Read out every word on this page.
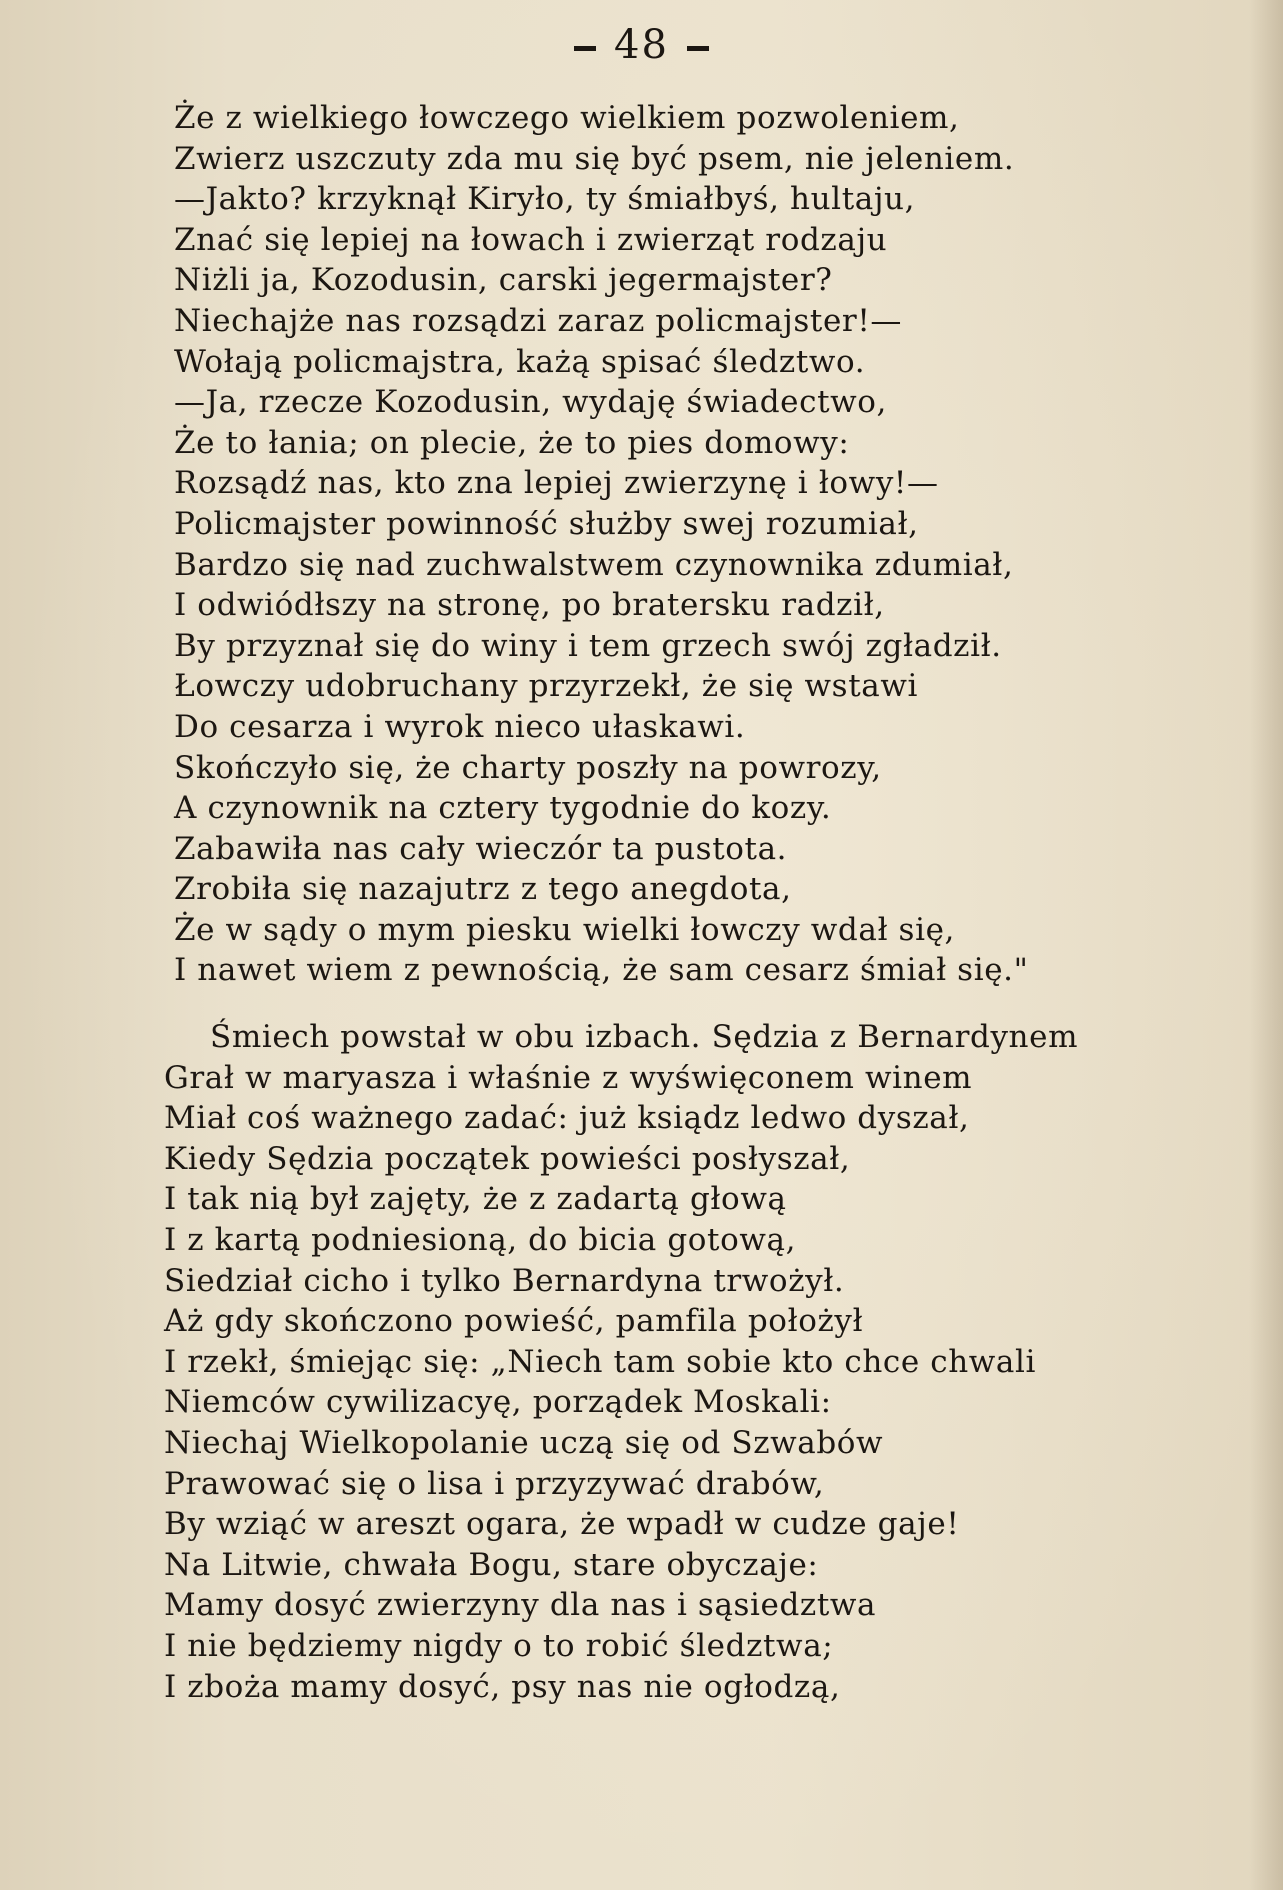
48
Że z wielkiego łowczego wielkiem pozwoleniem,
Zwierz uszczuty zda mu się być psem, nie jeleniem.
—Jakto? krzyknął Kiryło, ty śmiałbyś, hultaju,
Znać się lepiej na łowach i zwierząt rodzaju
Niżli ja, Kozodusin, carski jegermajster?
Niechajże nas rozsądzi zaraz policmajster!—
Wołają policmajstra, każą spisać śledztwo.
—Ja, rzecze Kozodusin, wydaję świadectwo,
Że to łania; on plecie, że to pies domowy:
Rozsądź nas, kto zna lepiej zwierzynę i łowy!—
Policmajster powinność służby swej rozumiał,
Bardzo się nad zuchwalstwem czynownika zdumiał,
I odwiódłszy na stronę, po bratersku radził,
By przyznał się do winy i tem grzech swój zgładził.
Łowczy udobruchany przyrzekł, że się wstawi
Do cesarza i wyrok nieco ułaskawi.
Skończyło się, że charty poszły na powrozy,
A czynownik na cztery tygodnie do kozy.
Zabawiła nas cały wieczór ta pustota.
Zrobiła się nazajutrz z tego anegdota,
Że w sądy o mym piesku wielki łowczy wdał się,
I nawet wiem z pewnością, że sam cesarz śmiał się."
Śmiech powstał w obu izbach. Sędzia z Bernardynem
Grał w maryasza i właśnie z wyświęconem winem
Miał coś ważnego zadać: już ksiądz ledwo dyszał,
Kiedy Sędzia początek powieści posłyszał,
I tak nią był zajęty, że z zadartą głową
I z kartą podniesioną, do bicia gotową,
Siedział cicho i tylko Bernardyna trwożył.
Aż gdy skończono powieść, pamfila położył
I rzekł, śmiejąc się: „Niech tam sobie kto chce chwali
Niemców cywilizacyę, porządek Moskali:
Niechaj Wielkopolanie uczą się od Szwabów
Prawować się o lisa i przyzywać drabów,
By wziąć w areszt ogara, że wpadł w cudze gaje!
Na Litwie, chwała Bogu, stare obyczaje:
Mamy dosyć zwierzyny dla nas i sąsiedztwa
I nie będziemy nigdy o to robić śledztwa;
I zboża mamy dosyć, psy nas nie ogłodzą,
